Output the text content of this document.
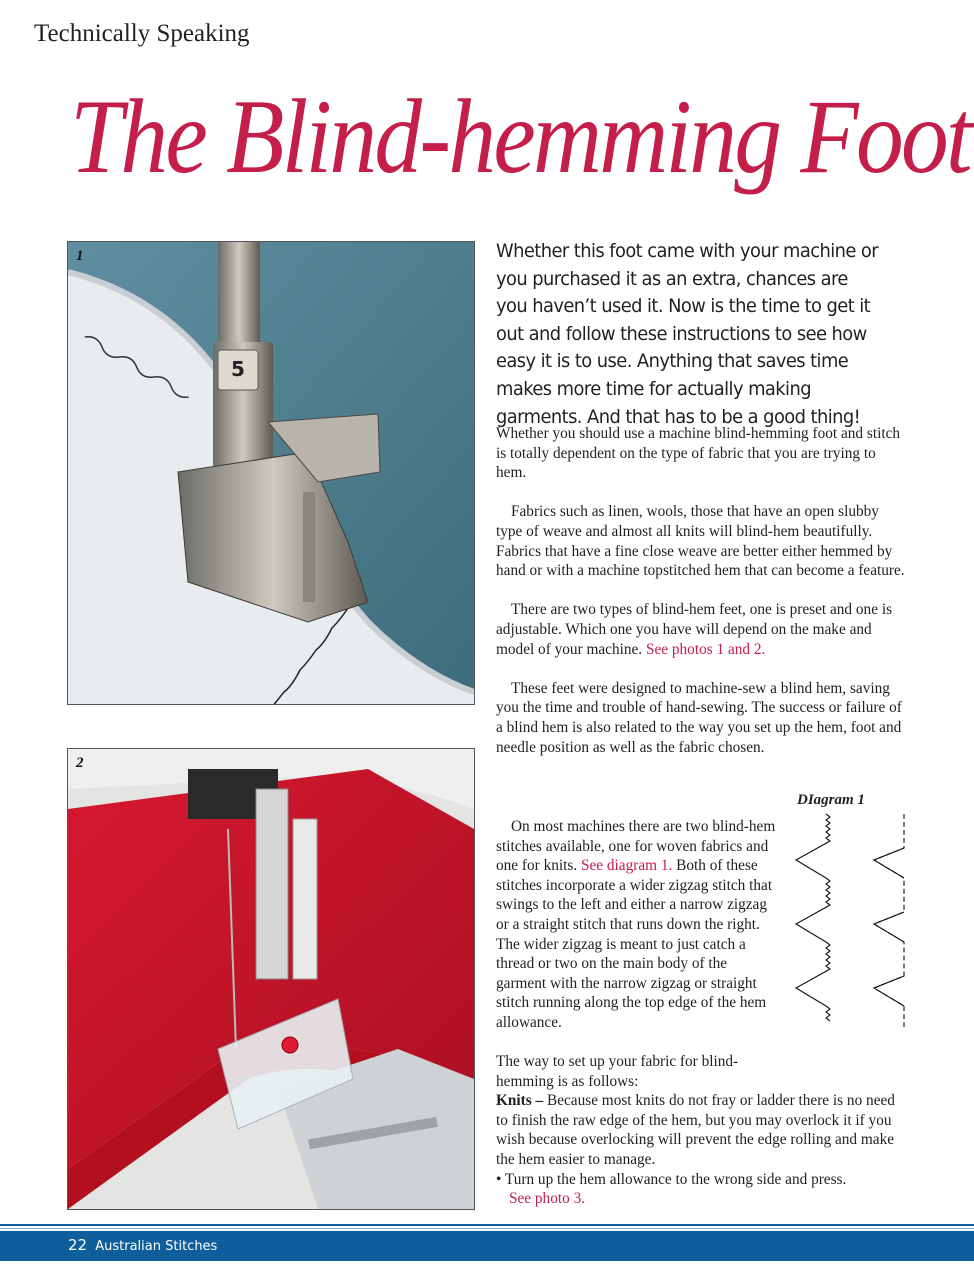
Technically Speaking
The Blind-hemming Foot
5
1
2
Whether this foot came with your machine or you purchased it as an extra, chances are you haven’t used it. Now is the time to get it out and follow these instructions to see how easy it is to use. Anything that saves time makes more time for actually making garments. And that has to be a good thing!

Whether you should use a machine blind-hemming foot and stitch is totally dependent on the type of fabric that you are trying to hem.

Fabrics such as linen, wools, those that have an open slubby type of weave and almost all knits will blind-hem beautifully. Fabrics that have a fine close weave are better either hemmed by hand or with a machine topstitched hem that can become a feature.

There are two types of blind-hem feet, one is preset and one is adjustable. Which one you have will depend on the make and model of your machine. See photos 1 and 2.

These feet were designed to machine-sew a blind hem, saving you the time and trouble of hand-sewing. The success or failure of a blind hem is also related to the way you set up the hem, foot and needle position as well as the fabric chosen.

On most machines there are two blind-hem stitches available, one for woven fabrics and one for knits. See diagram 1. Both of these stitches incorporate a wider zigzag stitch that swings to the left and either a narrow zigzag or a straight stitch that runs down the right. The wider zigzag is meant to just catch a thread or two on the main body of the garment with the narrow zigzag or straight stitch running along the top edge of the hem allowance.

DIagram 1

The way to set up your fabric for blind-hemming is as follows:

Knits – Because most knits do not fray or ladder there is no need to finish the raw edge of the hem, but you may overlock it if you wish because overlocking will prevent the edge rolling and make the hem easier to manage.

• Turn up the hem allowance to the wrong side and press.
See photo 3.

22 Australian Stitches
